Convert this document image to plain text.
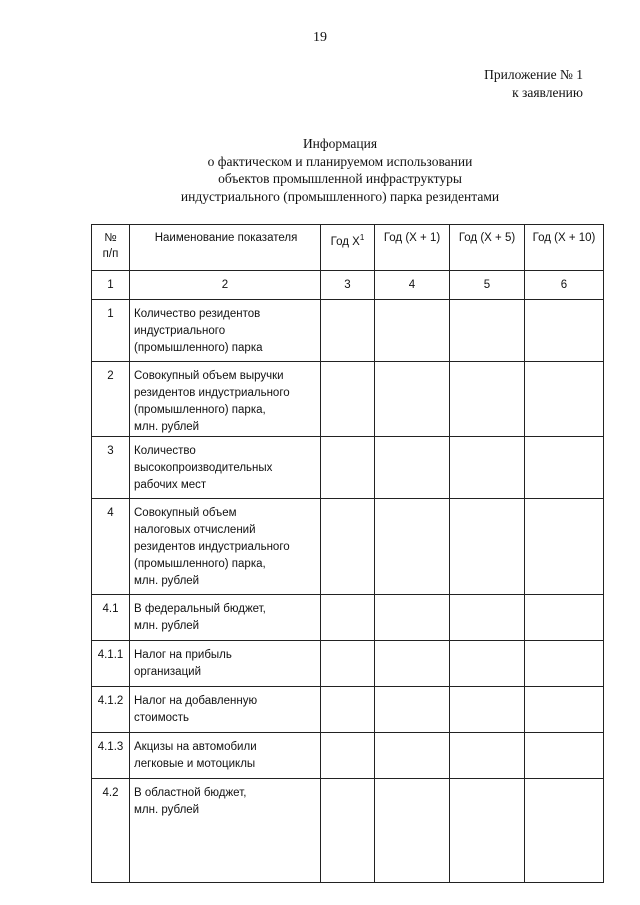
19
Приложение № 1
к заявлению
Информация
о фактическом и планируемом использовании
объектов промышленной инфраструктуры
индустриального (промышленного) парка резидентами
№
п/п	Наименование показателя	Год $X^1$	Год (X + 1)	Год (X + 5)	Год (X + 10)
1	2	3	4	5	6
1	Количество резидентов
индустриального
(промышленного) парка				

2	Совокупный объем выручки
резидентов индустриального
(промышленного) парка,
млн. рублей				

3	Количество
высокопроизводительных
рабочих мест				

4	Совокупный объем
налоговых отчислений
резидентов индустриального
(промышленного) парка,
млн. рублей				

4.1	В федеральный бюджет,
млн. рублей				

4.1.1	Налог на прибыль
организаций				

4.1.2	Налог на добавленную
стоимость				

4.1.3	Акцизы на автомобили
легковые и мотоциклы				

4.2	В областной бюджет,
млн. рублей				
